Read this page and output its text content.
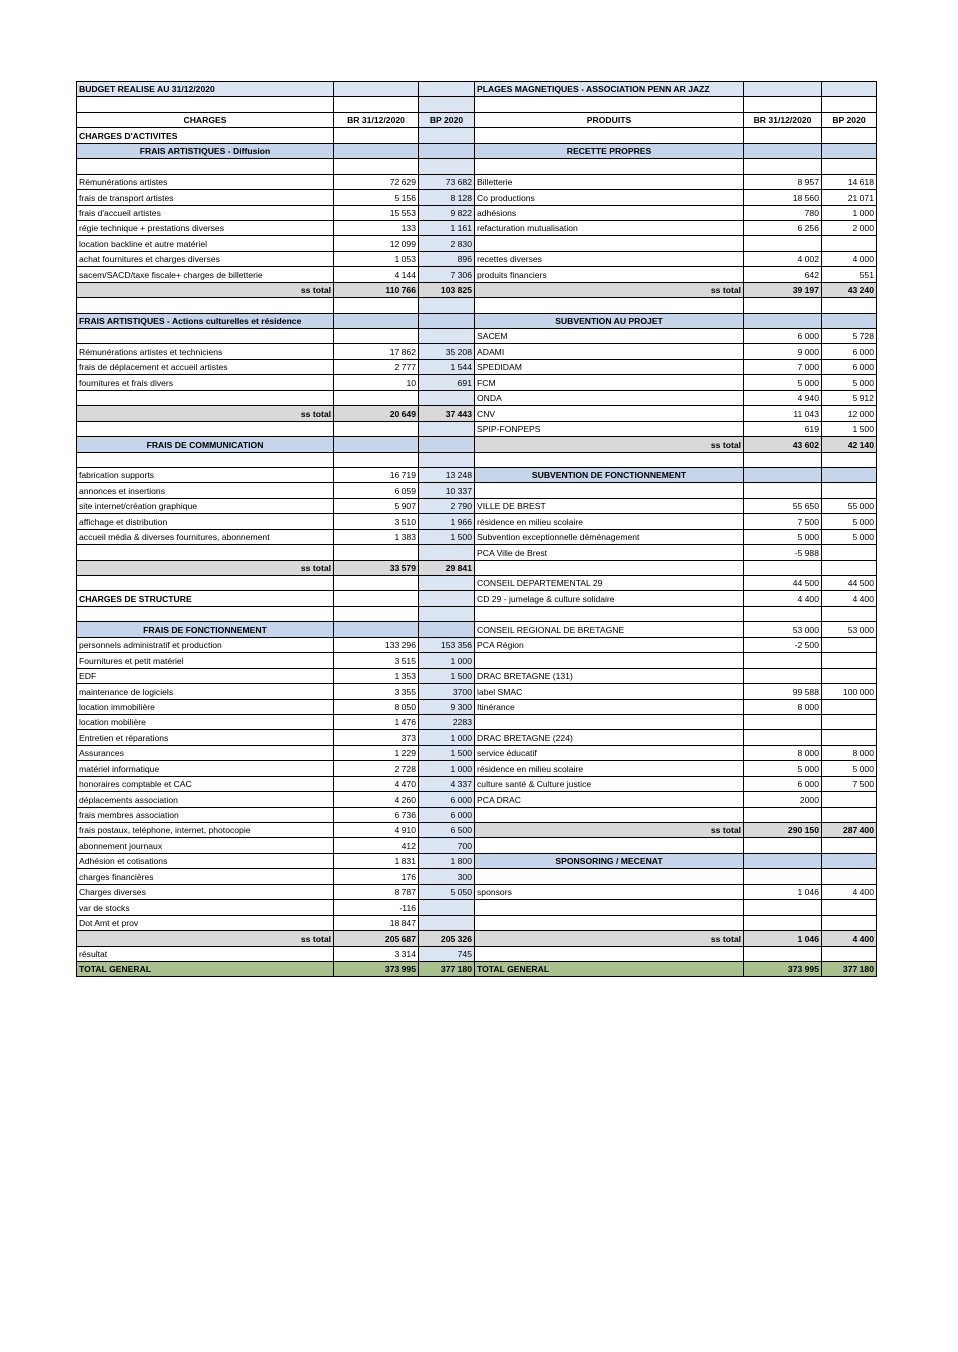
BUDGET REALISE AU 31/12/2020			PLAGES MAGNETIQUES - ASSOCIATION PENN AR JAZZ		

CHARGES	BR 31/12/2020	BP 2020	PRODUITS	BR 31/12/2020	BP 2020
CHARGES D'ACTIVITES					
FRAIS ARTISTIQUES - Diffusion			RECETTE PROPRES		

Rémunérations artistes	72 629	73 682	Billetterie	8 957	14 618
frais de transport artistes	5 156	8 128	Co productions	18 560	21 071
frais d'accueil artistes	15 553	9 822	adhésions	780	1 000
régie technique + prestations diverses	133	1 161	refacturation mutualisation	6 256	2 000
location backline et autre matériel	12 099	2 830			
achat fournitures et charges diverses	1 053	896	recettes diverses	4 002	4 000
sacem/SACD/taxe fiscale+ charges de billetterie	4 144	7 306	produits financiers	642	551
ss total	110 766	103 825	ss total	39 197	43 240

FRAIS ARTISTIQUES - Actions culturelles et résidence			SUBVENTION AU PROJET		
			SACEM	6 000	5 728
Rémunérations artistes et techniciens	17 862	35 208	ADAMI	9 000	6 000
frais de déplacement et accueil artistes	2 777	1 544	SPEDIDAM	7 000	6 000
fournitures et frais divers	10	691	FCM	5 000	5 000
			ONDA	4 940	5 912
ss total	20 649	37 443	CNV	11 043	12 000
			SPIP-FONPEPS	619	1 500
FRAIS DE COMMUNICATION			ss total	43 602	42 140

fabrication supports	16 719	13 248	SUBVENTION DE FONCTIONNEMENT		
annonces et insertions	6 059	10 337			
site internet/création graphique	5 907	2 790	VILLE DE BREST	55 650	55 000
affichage et distribution	3 510	1 966	résidence en milieu scolaire	7 500	5 000
accueil média & diverses fournitures, abonnement	1 383	1 500	Subvention exceptionnelle déménagement	5 000	5 000
			PCA Ville de Brest	-5 988	
ss total	33 579	29 841			
			CONSEIL DEPARTEMENTAL 29	44 500	44 500
CHARGES DE STRUCTURE			CD 29 - jumelage & culture solidaire	4 400	4 400

FRAIS DE FONCTIONNEMENT			CONSEIL REGIONAL DE BRETAGNE	53 000	53 000
personnels administratif et production	133 296	153 356	PCA Région	-2 500	
Fournitures et petit matériel	3 515	1 000			
EDF	1 353	1 500	DRAC BRETAGNE (131)		
maintenance de logiciels	3 355	3700	label SMAC	99 588	100 000
location immobilière	8 050	9 300	Itinérance	8 000	
location mobilière	1 476	2283			
Entretien et réparations	373	1 000	DRAC BRETAGNE (224)		
Assurances	1 229	1 500	service éducatif	8 000	8 000
matériel informatique	2 728	1 000	résidence en milieu scolaire	5 000	5 000
honoraires comptable et CAC	4 470	4 337	culture santé & Culture justice	6 000	7 500
déplacements association	4 260	6 000	PCA DRAC	2000	
frais membres association	6 736	6 000			
frais postaux, teléphone, internet, photocopie	4 910	6 500	ss total	290 150	287 400
abonnement journaux	412	700			
Adhésion et cotisations	1 831	1 800	SPONSORING / MECENAT		
charges financières	176	300			
Charges diverses	8 787	5 050	sponsors	1 046	4 400
var de stocks	-116				
Dot Amt et prov	18 847				
ss total	205 687	205 326	ss total	1 046	4 400
résultat	3 314	745			
TOTAL GENERAL	373 995	377 180	TOTAL GENERAL	373 995	377 180
